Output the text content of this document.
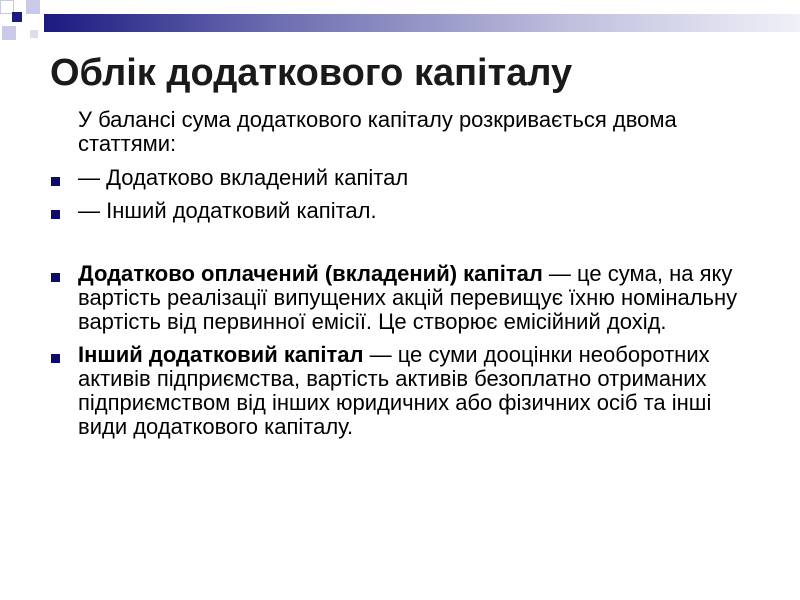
Облік додаткового капіталу
У балансі сума додаткового капіталу розкривається двома статтями:
— Додатково вкладений капітал
— Інший додатковий капітал.
Додатково оплачений (вкладений) капітал — це сума, на яку вартість реалізації випущених акцій перевищує їхню номінальну вартість від первинної емісії. Це створює емісійний дохід.
Інший додатковий капітал — це суми дооцінки необоротних активів підприємства, вартість активів безоплатно отриманих підприємством від інших юридичних або фізичних осіб та інші види додаткового капіталу.
